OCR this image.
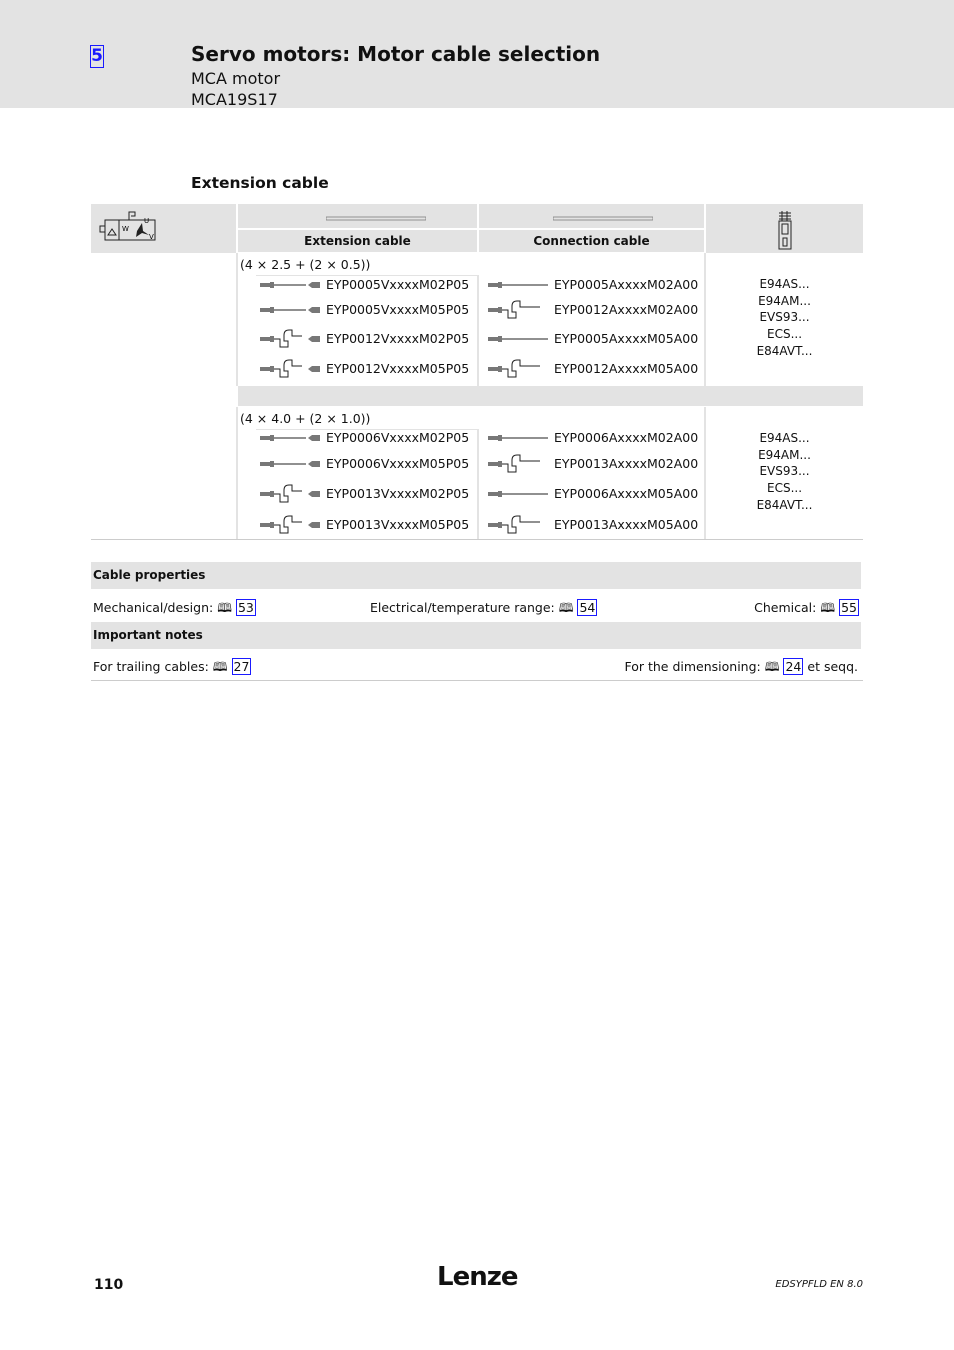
5	Servo motors: Motor cable selection
MCA motor
MCA19S17
Extension cable
W
U
V	Extension cable	Connection cable
(4 × 2.5 + (2 × 0.5))
EYP0005VxxxxM02P05	EYP0005AxxxxM02A00
EYP0005VxxxxM05P05	EYP0012AxxxxM02A00
EYP0012VxxxxM02P05	EYP0005AxxxxM05A00
EYP0012VxxxxM05P05	EYP0012AxxxxM05A00
E94AS...
E94AM...
EVS93...
ECS...
E84AVT...
(4 × 4.0 + (2 × 1.0))
EYP0006VxxxxM02P05	EYP0006AxxxxM02A00
EYP0006VxxxxM05P05	EYP0013AxxxxM02A00
EYP0013VxxxxM02P05	EYP0006AxxxxM05A00
EYP0013VxxxxM05P05	EYP0013AxxxxM05A00
E94AS...
E94AM...
EVS93...
ECS...
E84AVT...
Cable properties
Mechanical/design: 🕮 53	Electrical/temperature range: 🕮 54	Chemical: 🕮 55
Important notes
For trailing cables: 🕮 27	For the dimensioning: 🕮 24 et seqq.
110	Lenze	EDSYPFLD EN 8.0
